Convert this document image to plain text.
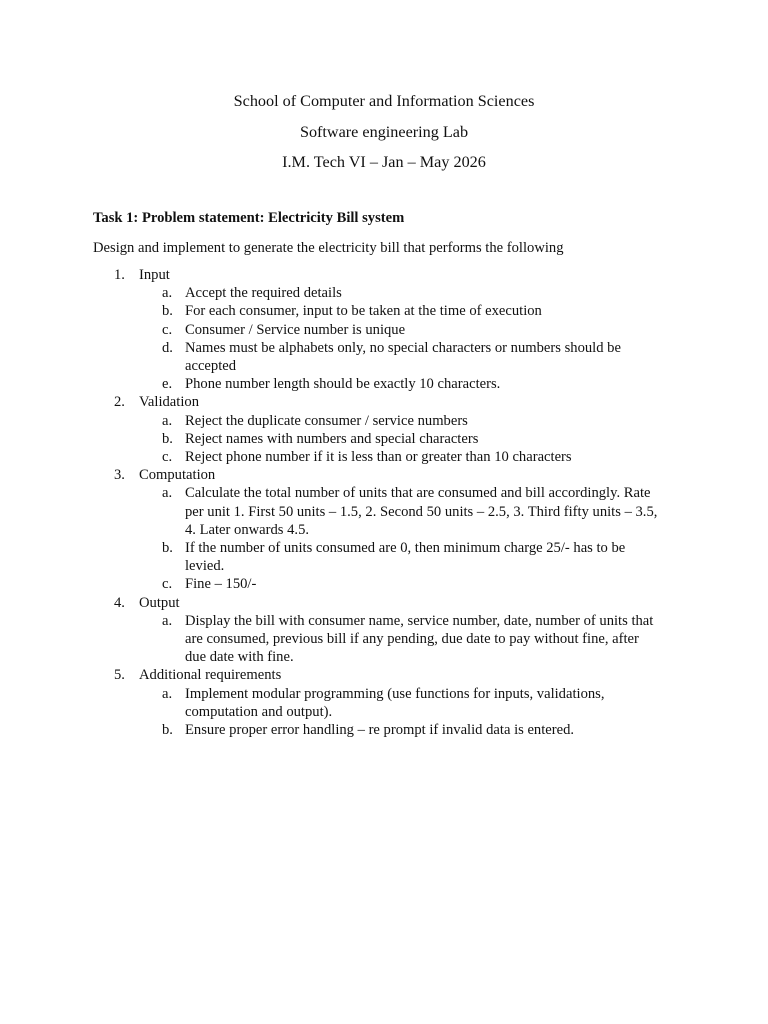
School of Computer and Information Sciences
Software engineering Lab
I.M. Tech VI – Jan – May 2026
Task 1: Problem statement: Electricity Bill system
Design and implement to generate the electricity bill that performs the following
1. Input
a. Accept the required details
b. For each consumer, input to be taken at the time of execution
c. Consumer / Service number is unique
d. Names must be alphabets only, no special characters or numbers should be accepted
e. Phone number length should be exactly 10 characters.
2. Validation
a. Reject the duplicate consumer / service numbers
b. Reject names with numbers and special characters
c. Reject phone number if it is less than or greater than 10 characters
3. Computation
a. Calculate the total number of units that are consumed and bill accordingly. Rate per unit 1. First 50 units – 1.5, 2. Second 50 units – 2.5, 3. Third fifty units – 3.5, 4. Later onwards 4.5.
b. If the number of units consumed are 0, then minimum charge 25/- has to be levied.
c. Fine – 150/-
4. Output
a. Display the bill with consumer name, service number, date, number of units that are consumed, previous bill if any pending, due date to pay without fine, after due date with fine.
5. Additional requirements
a. Implement modular programming (use functions for inputs, validations, computation and output).
b. Ensure proper error handling – re prompt if invalid data is entered.
